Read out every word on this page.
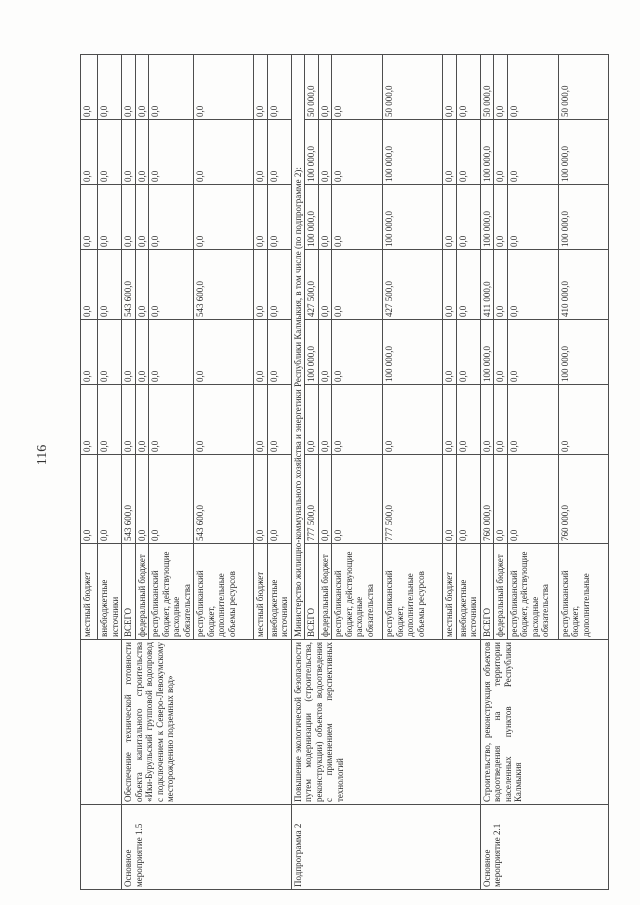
116
		местный бюджет	0,0	0,0	0,0	0,0	0,0	0,0	0,0
		внебюджетные источники	0,0	0,0	0,0	0,0	0,0	0,0	0,0
Основное мероприятие 1.5	Обеспечение технической готовности объекта капитального строительства «Ики-Бурульский групповой водопровод с подключением к Северо-Левокумскому месторождению подземных вод»	ВСЕГО	543 600,0	0,0	0,0	543 600,0	0,0	0,0	0,0
		федеральный бюджет	0,0	0,0	0,0	0,0	0,0	0,0	0,0
		республиканский бюджет, действующие расходные обязательства	0,0	0,0	0,0	0,0	0,0	0,0	0,0
		республиканский бюджет, дополнительные объемы ресурсов	543 600,0	0,0	0,0	543 600,0	0,0	0,0	0,0
		местный бюджет	0,0	0,0	0,0	0,0	0,0	0,0	0,0
		внебюджетные источники	0,0	0,0	0,0	0,0	0,0	0,0	0,0
Подпрограмма 2	Повышение экологической безопасности путем модернизации (строительства, реконструкции) объектов водоотведения с применением перспективных технологий	Министерство жилищно-коммунального хозяйства и энергетики Республики Калмыкия, в том числе (по подпрограмме 2):							
		ВСЕГО	777 500,0	0,0	100 000,0	427 500,0	100 000,0	100 000,0	50 000,0
		федеральный бюджет	0,0	0,0	0,0	0,0	0,0	0,0	0,0
		республиканский бюджет, действующие расходные обязательства	0,0	0,0	0,0	0,0	0,0	0,0	0,0
		республиканский бюджет, дополнительные объемы ресурсов	777 500,0	0,0	100 000,0	427 500,0	100 000,0	100 000,0	50 000,0
		местный бюджет	0,0	0,0	0,0	0,0	0,0	0,0	0,0
		внебюджетные источники	0,0	0,0	0,0	0,0	0,0	0,0	0,0
Основное мероприятие 2.1	Строительство, реконструкция объектов водоотведения на территории населенных пунктов Республики Калмыкия	ВСЕГО	760 000,0	0,0	100 000,0	411 000,0	100 000,0	100 000,0	50 000,0
		федеральный бюджет	0,0	0,0	0,0	0,0	0,0	0,0	0,0
		республиканский бюджет, действующие расходные обязательства	0,0	0,0	0,0	0,0	0,0	0,0	0,0
		республиканский бюджет, дополнительные	760 000,0	0,0	100 000,0	410 000,0	100 000,0	100 000,0	50 000,0
